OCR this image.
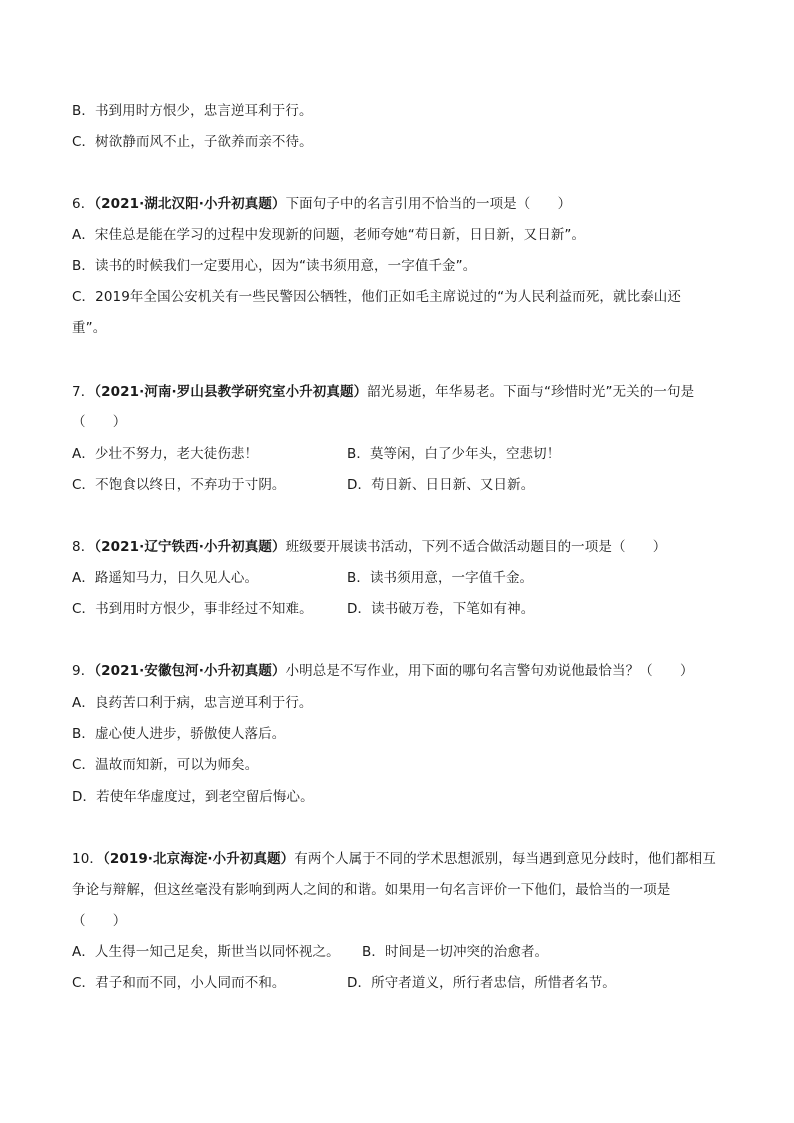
B．书到用时方恨少，忠言逆耳利于行。
C．树欲静而风不止，子欲养而亲不待。
6．（2021·湖北汉阳·小升初真题）下面句子中的名言引用不恰当的一项是（　　）
A．宋佳总是能在学习的过程中发现新的问题，老师夸她“苟日新，日日新，又日新”。
B．读书的时候我们一定要用心，因为“读书须用意，一字值千金”。
C．2019年全国公安机关有一些民警因公牺牲，他们正如毛主席说过的“为人民利益而死，就比泰山还
重”。
7．（2021·河南·罗山县教学研究室小升初真题）韶光易逝，年华易老。下面与“珍惜时光”无关的一句是
（　　）
A．少壮不努力，老大徒伤悲！	B．莫等闲，白了少年头，空悲切！
C．不饱食以终日，不弃功于寸阴。	D．苟日新、日日新、又日新。
8．（2021·辽宁铁西·小升初真题）班级要开展读书活动，下列不适合做活动题目的一项是（　　）
A．路遥知马力，日久见人心。	B．读书须用意，一字值千金。
C．书到用时方恨少，事非经过不知难。	D．读书破万卷，下笔如有神。
9．（2021·安徽包河·小升初真题）小明总是不写作业，用下面的哪句名言警句劝说他最恰当？（　　）
A．良药苦口利于病，忠言逆耳利于行。
B．虚心使人进步，骄傲使人落后。
C．温故而知新，可以为师矣。
D．若使年华虚度过，到老空留后悔心。
10．（2019·北京海淀·小升初真题）有两个人属于不同的学术思想派别，每当遇到意见分歧时，他们都相互
争论与辩解，但这丝毫没有影响到两人之间的和谐。如果用一句名言评价一下他们，最恰当的一项是
（　　）
A．人生得一知己足矣，斯世当以同怀视之。 B．时间是一切冲突的治愈者。
C．君子和而不同，小人同而不和。	D．所守者道义，所行者忠信，所惜者名节。
